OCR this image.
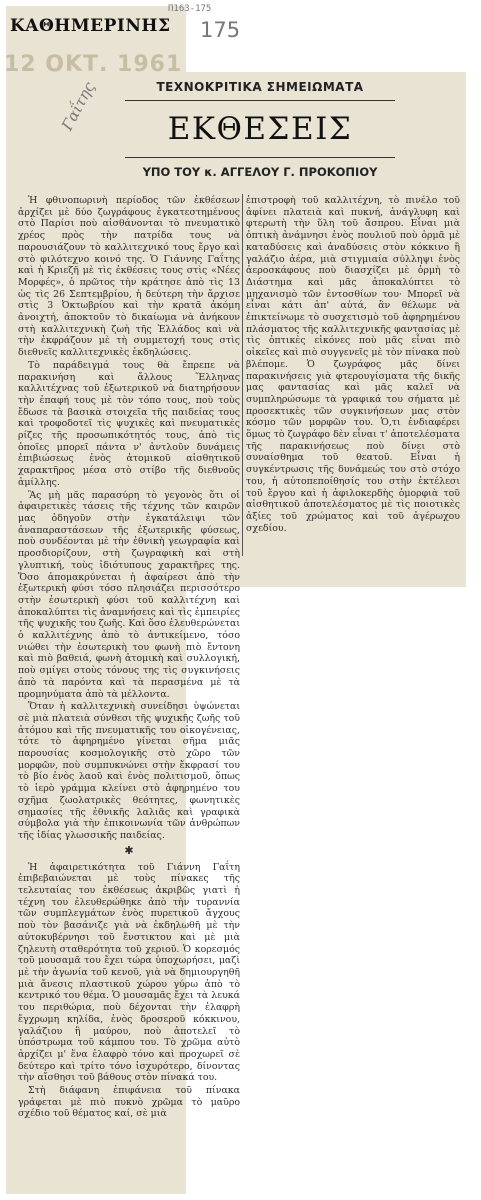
ΚΑΘΗΜΕΡΙΝΗΣ
Π163-175
175
12 ΟΚΤ. 1961
Γαΐτης	ΤΕΧΝΟΚΡΙΤΙΚΑ ΣΗΜΕΙΩΜΑΤΑ
ΕΚΘΕΣΕΙΣ
ΥΠΟ ΤΟΥ κ. ΑΓΓΕΛΟΥ Γ. ΠΡΟΚΟΠΙΟΥ

Ἡ φθινοπωρινὴ περίοδος τῶν ἐκθέσεων ἀρχίζει μὲ δύο ζωγράφους ἐγκατεστημένους στὸ Παρίσι ποὺ αἰσθάνονται τὸ πνευματικὸ χρέος πρὸς τὴν πατρίδα τους νὰ παρουσιάζουν τὸ καλλιτεχνικό τους ἔργο καὶ στὸ φιλότεχνο κοινό της. Ὁ Γιάννης Γαΐτης καὶ ἡ Κριεζῆ μὲ τὶς ἐκθέσεις τους στὶς «Νέες Μορφές», ὁ πρῶτος τὴν κράτησε ἀπὸ τὶς 13 ὡς τὶς 26 Σεπτεμβρίου, ἡ δεύτερη τὴν ἄρχισε στὶς 3 Ὀκτωβρίου καὶ τὴν κρατᾶ ἀκόμη ἀνοιχτή, ἀποκτοῦν τὸ δικαίωμα νὰ ἀνήκουν στὴ καλλιτεχνικὴ ζωὴ τῆς Ἑλλάδος καὶ νὰ τὴν ἐκφράζουν μὲ τὴ συμμετοχή τους στὶς διεθνεῖς καλλιτεχνικὲς ἐκδηλώσεις.

Τὸ παράδειγμά τους θὰ ἔπρεπε νὰ παρακινήση καὶ ἄλλους Ἕλληνας καλλιτέχνας τοῦ ἐξωτερικοῦ νὰ διατηρήσουν τὴν ἐπαφή τους μὲ τὸν τόπο τους, ποὺ τοὺς ἔδωσε τὰ βασικὰ στοιχεῖα τῆς παιδείας τους καὶ τροφοδοτεῖ τὶς ψυχικὲς καὶ πνευματικὲς ρίζες τῆς προσωπικότητός τους, ἀπὸ τὶς ὁποῖες μπορεῖ πάντα ν' ἀντλοῦν δυνάμεις ἐπιβιώσεως ἑνὸς ἀτομικοῦ αἰσθητικοῦ χαρακτῆρος μέσα στὸ στίβο τῆς διεθνοῦς ἁμίλλης.

Ἂς μὴ μᾶς παρασύρη τὸ γεγονὸς ὅτι οἱ ἀφαιρετικὲς τάσεις τῆς τέχνης τῶν καιρῶν μας ὁδηγοῦν στὴν ἐγκατάλειψι τῶν ἀναπαραστάσεων τῆς ἐξωτερικῆς φύσεως, ποὺ συνδέονται μὲ τὴν ἐθνικὴ γεωγραφία καὶ προσδιορίζουν, στὴ ζωγραφικὴ καὶ στὴ γλυπτική, τοὺς ἰδιότυπους χαρακτῆρες της. Ὅσο ἀπομακρύνεται ἡ ἀφαίρεσι ἀπὸ τὴν ἐξωτερικὴ φύσι τόσο πλησιάζει περισσότερο στὴν ἐσωτερικὴ φύσι τοῦ καλλιτέχνη καὶ ἀποκαλύπτει τὶς ἀναμνήσεις καὶ τὶς ἐμπειρίες τῆς ψυχικῆς του ζωῆς. Καὶ ὅσο ἐλευθερώνεται ὁ καλλιτέχνης ἀπὸ τὸ ἀντικείμενο, τόσο νιώθει τὴν ἐσωτερικὴ του φωνὴ πιὸ ἔντονη καὶ πιὸ βαθειά, φωνὴ ἀτομικὴ καὶ συλλογική, ποὺ σμίγει στοὺς τόνους της τὶς συγκινήσεις ἀπὸ τὰ παρόντα καὶ τὰ περασμένα μὲ τὰ προμηνύματα ἀπὸ τὰ μέλλοντα.

Ὅταν ἡ καλλιτεχνικὴ συνείδησι ὑψώνεται σὲ μιὰ πλατειὰ σύνθεσι τῆς ψυχικῆς ζωῆς τοῦ ἀτόμου καὶ τῆς πνευματικῆς του οἰκογένειας, τότε τὸ ἀφηρημένο γίνεται σῆμα μιᾶς παρουσίας κοσμολογικῆς στὸ χῶρο τῶν μορφῶν, ποὺ συμπυκνώνει στὴν ἔκφρασί του τὸ βίο ἑνὸς λαοῦ καὶ ἑνὸς πολιτισμοῦ, ὅπως τὸ ἱερὸ γράμμα κλείνει στὸ ἀφηρημένο του σχῆμα ζωολατρικὲς θεότητες, φωνητικὲς σημασίες τῆς ἐθνικῆς λαλιᾶς καὶ γραφικὰ σύμβολα γιὰ τὴν ἐπικοινωνία τῶν ἀνθρώπων τῆς ἰδίας γλωσσικῆς παιδείας.

✱

Ἡ ἀφαιρετικότητα τοῦ Γιάννη Γαΐτη ἐπιβεβαιώνεται μὲ τοὺς πίνακες τῆς τελευταίας του ἐκθέσεως ἀκριβῶς γιατὶ ἡ τέχνη του ἐλευθερώθηκε ἀπὸ τὴν τυραννία τῶν συμπλεγμάτων ἑνὸς πυρετικοῦ ἄγχους ποὺ τὸν βασάνιζε γιὰ νὰ ἐκδηλωθῆ μὲ τὴν αὐτοκυβέρνησι τοῦ ἔνστικτου καὶ μὲ μιὰ ζηλευτὴ σταθερότητα τοῦ χεριοῦ. Ὁ κορεσμός τοῦ μουσαμᾶ του ἔχει τώρα ὑποχωρήσει, μαζὶ μὲ τὴν ἀγωνία τοῦ κενοῦ, γιὰ νὰ δημιουργηθῆ μιὰ ἄνεσις πλαστικοῦ χώρου γύρω ἀπὸ τὸ κεντρικό του θέμα. Ὁ μουσαμᾶς ἔχει τὰ λευκά του περιθώρια, ποὺ δέχονται τὴν ἐλαφρὴ ἔγχρωμη κηλίδα, ἑνὸς δροσεροῦ κόκκινου, γαλάζιου ἢ μαύρου, ποὺ ἀποτελεῖ τὸ ὑπόστρωμα τοῦ κάμπου του. Τὸ χρῶμα αὐτὸ ἀρχίζει μ' ἕνα ἐλαφρὸ τόνο καὶ προχωρεῖ σὲ δεύτερο καὶ τρίτο τόνο ἰσχυρότερο, δίνοντας τὴν αἴσθησι τοῦ βάθους στὸν πίνακά του.

Στὴ διάφανη ἐπιφάνεια τοῦ πίνακα γράφεται μὲ πιὸ πυκνὸ χρῶμα τὸ μαῦρο σχέδιο τοῦ θέματος καί, σὲ μιὰ

ἐπιστροφὴ τοῦ καλλιτέχνη, τὸ πινέλο τοῦ ἀφίνει πλατειὰ καὶ πυκνή, ἀνάγλυφη καὶ φτερωτὴ τὴν ὕλη τοῦ ἄσπρου. Εἶναι μιὰ ὀπτικὴ ἀνάμνησι ἑνὸς πουλιοῦ ποὺ ὁρμᾶ μὲ καταδύσεις καὶ ἀναδύσεις στὸν κόκκινο ἢ γαλάζιο ἀέρα, μιὰ στιγμιαία σύλληψι ἑνὸς ἀεροσκάφους ποὺ διασχίζει μὲ ὁρμὴ τὸ Διάστημα καὶ μᾶς ἀποκαλύπτει τὸ μηχανισμὸ τῶν ἐντοσθίων του· Μπορεῖ νὰ εἶναι κάτι ἀπ' αὐτά, ἂν θέλωμε νὰ ἐπικτείνωμε τὸ συσχετισμὸ τοῦ ἀφηρημένου πλάσματος τῆς καλλιτεχνικῆς φαντασίας μὲ τὶς ὀπτικὲς εἰκόνες ποὺ μᾶς εἶναι πιὸ οἰκεῖες καὶ πιὸ συγγενεῖς μὲ τὸν πίνακα ποὺ βλέπομε. Ὁ ζωγράφος μᾶς δίνει παρακινήσεις γιὰ φτερουγίσματα τῆς δικῆς μας φαντασίας καὶ μᾶς καλεῖ νὰ συμπληρώσωμε τὰ γραφικά του σήματα μὲ προσεκτικὲς τῶν συγκινήσεων μας στὸν κόσμο τῶν μορφῶν του. Ὁ,τι ἐνδιαφέρει ὅμως τὸ ζωγράφο δὲν εἶναι τ' ἀποτελέσματα τῆς παρακινήσεως ποὺ δίνει στὸ συναίσθημα τοῦ θεατοῦ. Εἶναι ἡ συγκέντρωσις τῆς δυνάμεώς του στὸ στόχο του, ἡ αὐτοπεποίθησίς του στὴν ἐκτέλεσι τοῦ ἔργου καὶ ἡ ἀφιλοκερδὴς ὁμορφιὰ τοῦ αἰσθητικοῦ ἀποτελέσματος μὲ τὶς ποιοτικὲς ἀξίες τοῦ χρώματος καὶ τοῦ ἀγέρωχου σχεδίου.
